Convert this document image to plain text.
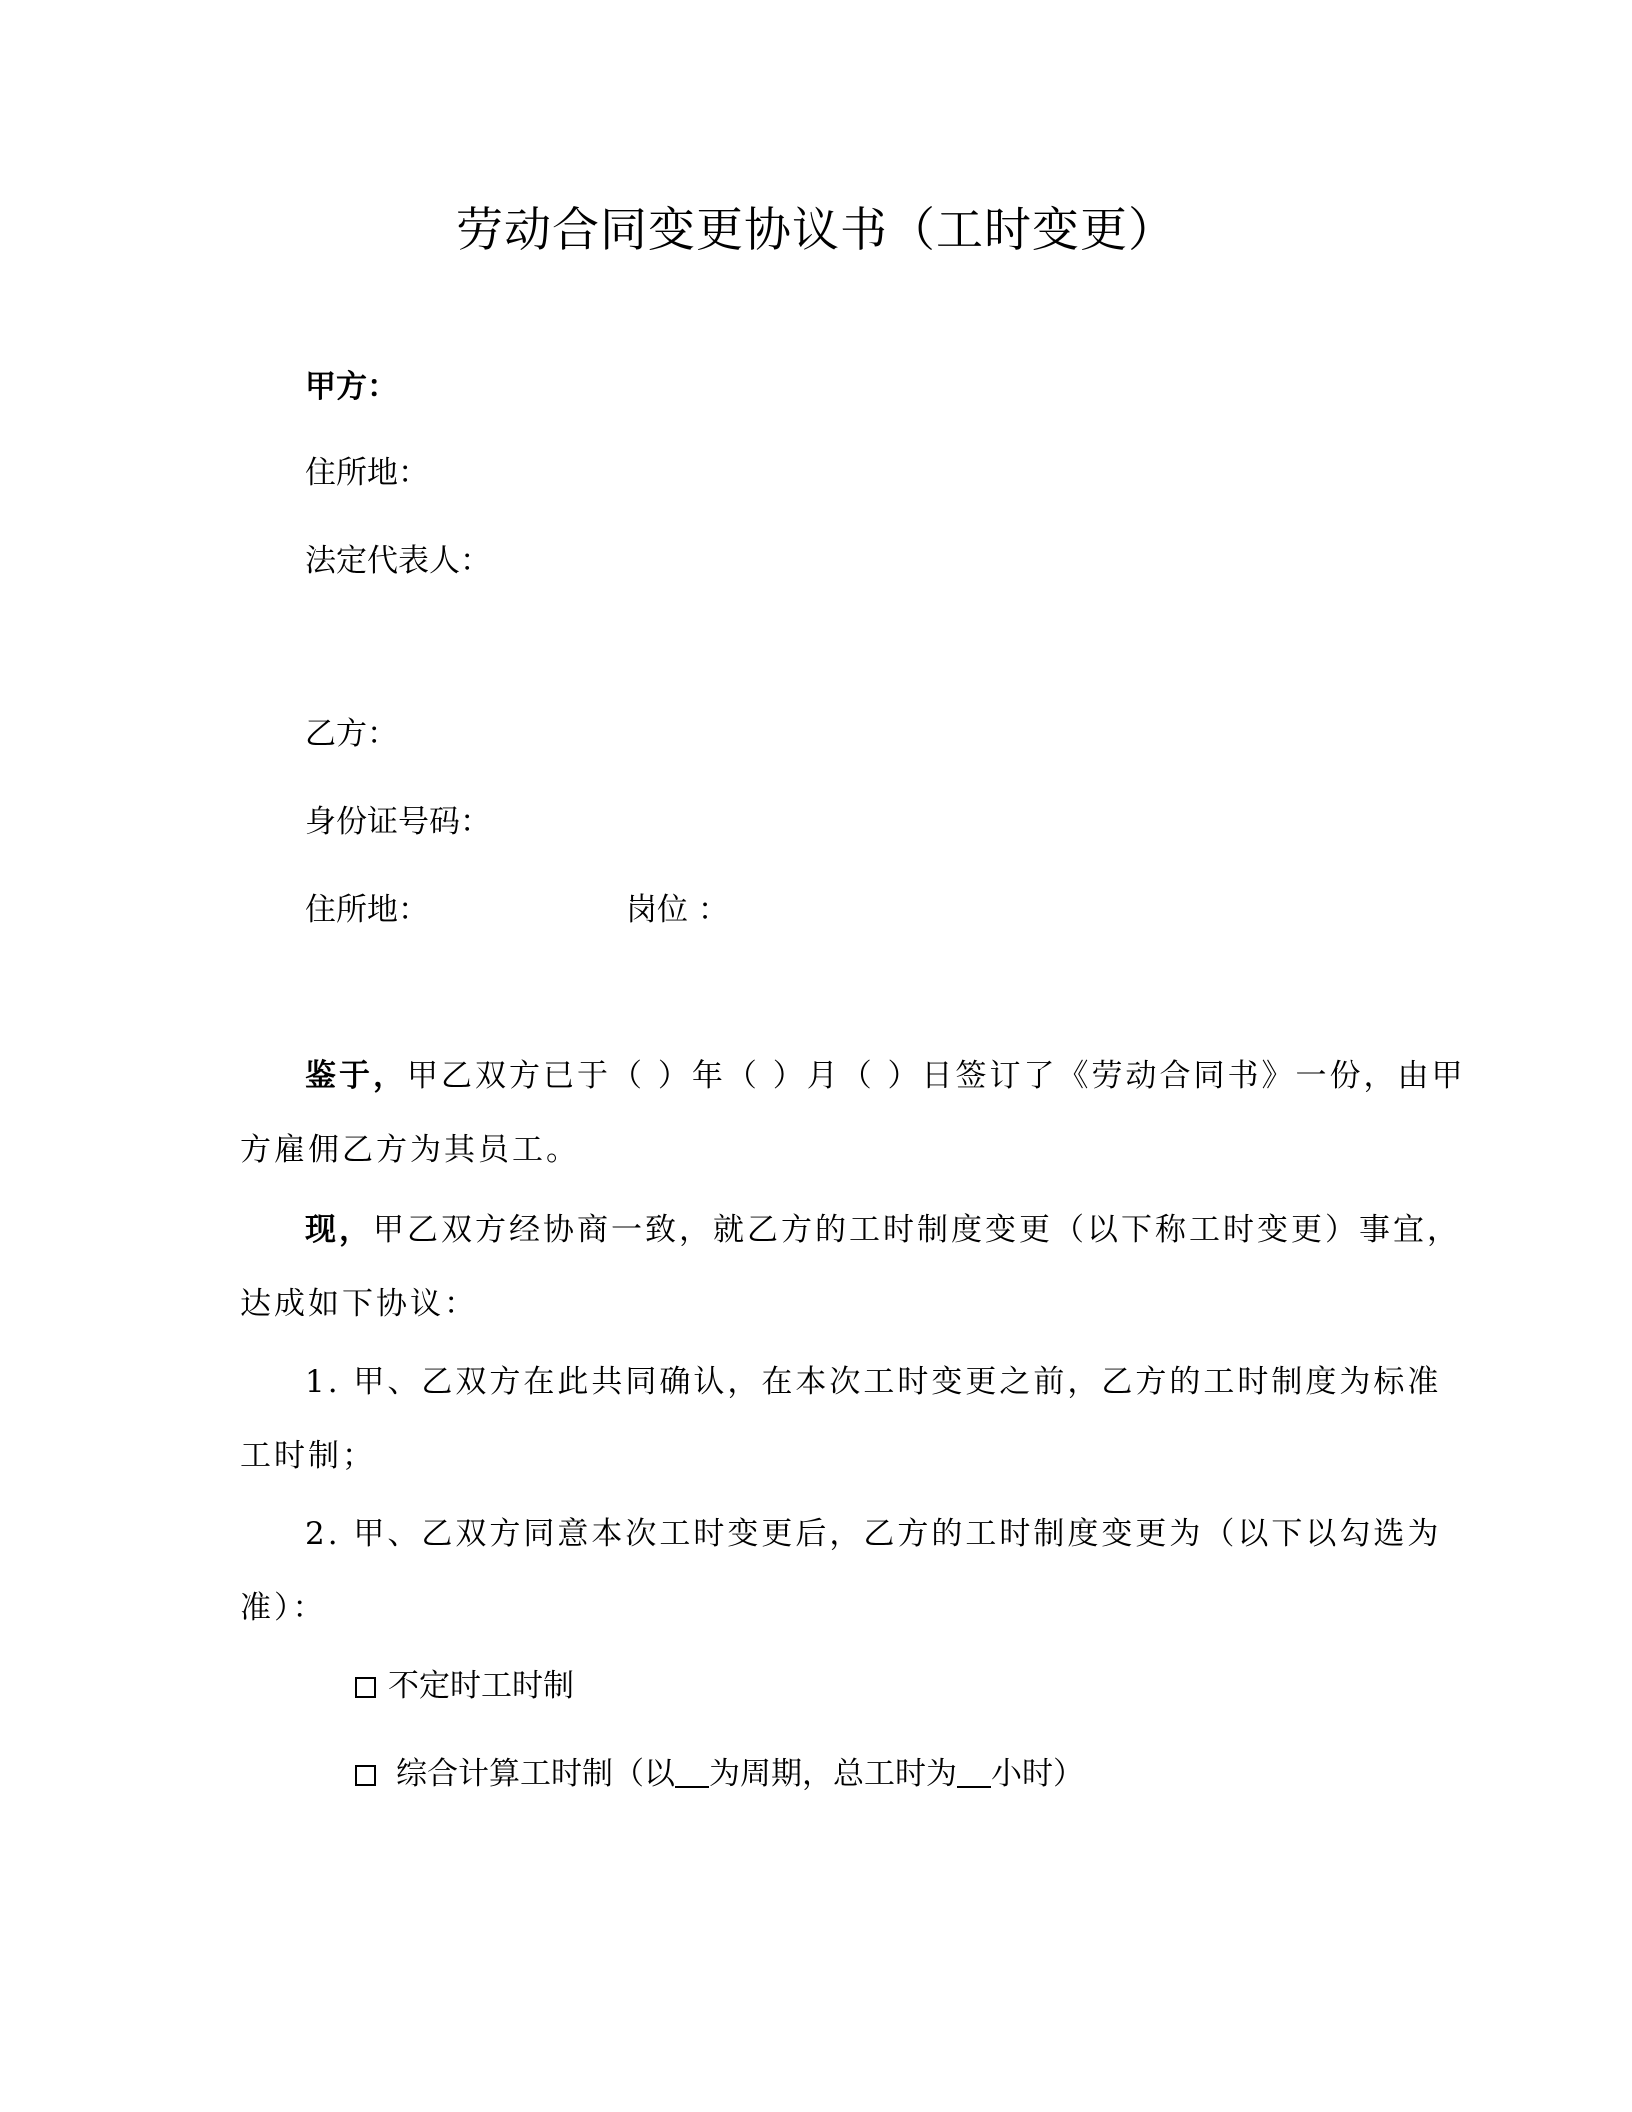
劳动合同变更协议书（工时变更）
甲方：
住所地：
法定代表人：
乙方：
身份证号码：
住所地：	岗位 ：
鉴于，甲乙双方已于（ ）年（ ）月（ ）日签订了《劳动合同书》一份，由甲
方雇佣乙方为其员工。
现，甲乙双方经协商一致，就乙方的工时制度变更（以下称工时变更）事宜，
达成如下协议：
1. 甲、乙双方在此共同确认，在本次工时变更之前，乙方的工时制度为标准
工时制；
2. 甲、乙双方同意本次工时变更后，乙方的工时制度变更为（以下以勾选为
准）：
不定时工时制
综合计算工时制（以 为周期，总工时为 小时）
